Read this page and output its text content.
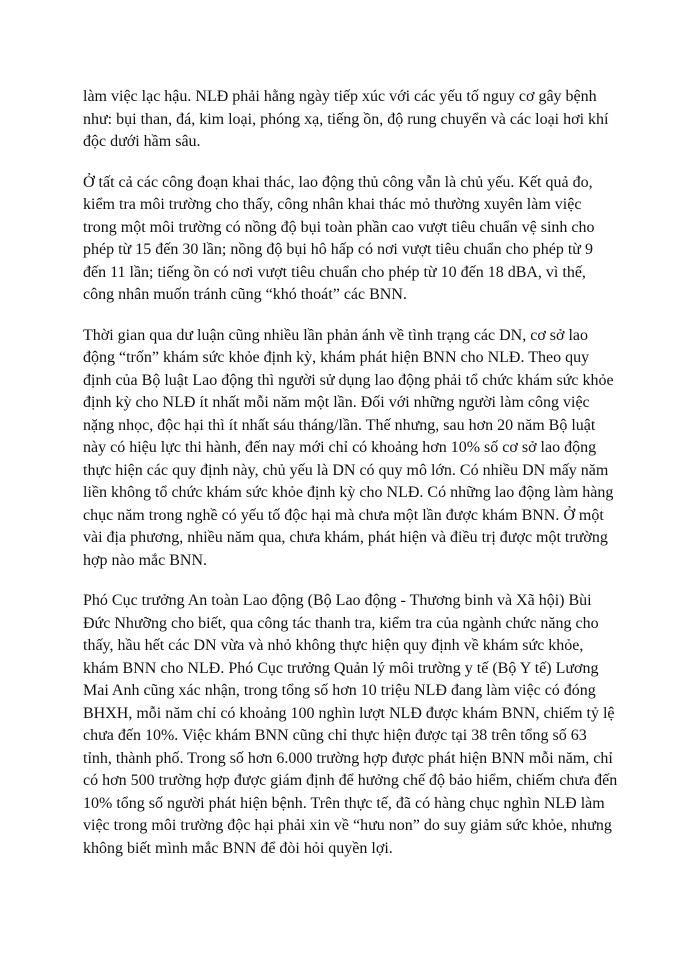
làm việc lạc hậu. NLĐ phải hằng ngày tiếp xúc với các yếu tố nguy cơ gây bệnh
như: bụi than, đá, kim loại, phóng xạ, tiếng ồn, độ rung chuyển và các loại hơi khí
độc dưới hầm sâu.

Ở tất cả các công đoạn khai thác, lao động thủ công vẫn là chủ yếu. Kết quả đo,
kiểm tra môi trường cho thấy, công nhân khai thác mỏ thường xuyên làm việc
trong một môi trường có nồng độ bụi toàn phần cao vượt tiêu chuẩn vệ sinh cho
phép từ 15 đến 30 lần; nồng độ bụi hô hấp có nơi vượt tiêu chuẩn cho phép từ 9
đến 11 lần; tiếng ồn có nơi vượt tiêu chuẩn cho phép từ 10 đến 18 dBA, vì thế,
công nhân muốn tránh cũng “khó thoát” các BNN.

Thời gian qua dư luận cũng nhiều lần phản ánh về tình trạng các DN, cơ sở lao
động “trốn” khám sức khỏe định kỳ, khám phát hiện BNN cho NLĐ. Theo quy
định của Bộ luật Lao động thì người sử dụng lao động phải tổ chức khám sức khỏe
định kỳ cho NLĐ ít nhất mỗi năm một lần. Đối với những người làm công việc
nặng nhọc, độc hại thì ít nhất sáu tháng/lần. Thế nhưng, sau hơn 20 năm Bộ luật
này có hiệu lực thi hành, đến nay mới chỉ có khoảng hơn 10% số cơ sở lao động
thực hiện các quy định này, chủ yếu là DN có quy mô lớn. Có nhiều DN mấy năm
liền không tổ chức khám sức khỏe định kỳ cho NLĐ. Có những lao động làm hàng
chục năm trong nghề có yếu tố độc hại mà chưa một lần được khám BNN. Ở một
vài địa phương, nhiều năm qua, chưa khám, phát hiện và điều trị được một trường
hợp nào mắc BNN.

Phó Cục trưởng An toàn Lao động (Bộ Lao động - Thương binh và Xã hội) Bùi
Đức Nhưỡng cho biết, qua công tác thanh tra, kiểm tra của ngành chức năng cho
thấy, hầu hết các DN vừa và nhỏ không thực hiện quy định về khám sức khỏe,
khám BNN cho NLĐ. Phó Cục trưởng Quản lý môi trường y tế (Bộ Y tế) Lương
Mai Anh cũng xác nhận, trong tổng số hơn 10 triệu NLĐ đang làm việc có đóng
BHXH, mỗi năm chỉ có khoảng 100 nghìn lượt NLĐ được khám BNN, chiếm tỷ lệ
chưa đến 10%. Việc khám BNN cũng chỉ thực hiện được tại 38 trên tổng số 63
tỉnh, thành phố. Trong số hơn 6.000 trường hợp được phát hiện BNN mỗi năm, chỉ
có hơn 500 trường hợp được giám định để hưởng chế độ bảo hiểm, chiếm chưa đến
10% tổng số người phát hiện bệnh. Trên thực tế, đã có hàng chục nghìn NLĐ làm
việc trong môi trường độc hại phải xin về “hưu non” do suy giảm sức khỏe, nhưng
không biết mình mắc BNN để đòi hỏi quyền lợi.
